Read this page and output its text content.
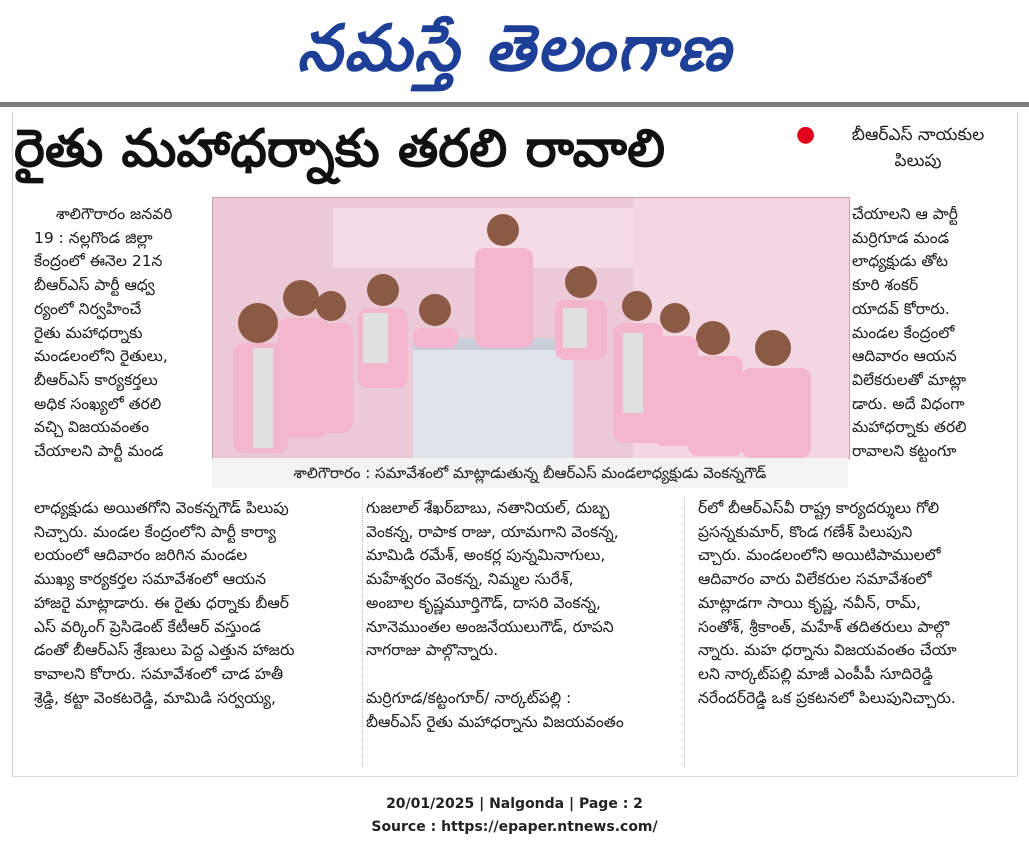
నమస్తే తెలంగాణ
రైతు మహాధర్నాకు తరలి రావాలి	●	బీఆర్ఎస్ నాయకుల
పిలుపు
శాలిగౌరారం జనవరి
19 : నల్లగొండ జిల్లా
కేంద్రంలో ఈనెల 21న
బీఆర్ఎస్ పార్టీ ఆధ్వ
ర్యంలో నిర్వహించే
రైతు మహాధర్నాకు
మండలంలోని రైతులు,
బీఆర్ఎస్ కార్యకర్తలు
అధిక సంఖ్యలో తరలి
వచ్చి విజయవంతం
చేయాలని పార్టీ మండ
శాలిగౌరారం : సమావేశంలో మాట్లాడుతున్న బీఆర్ఎస్ మండలాధ్యక్షుడు వెంకన్నగౌడ్
చేయాలని ఆ పార్టీ
మర్రిగూడ మండ
లాధ్యక్షుడు తోట
కూరి శంకర్
యాదవ్ కోరారు.
మండల కేంద్రంలో
ఆదివారం ఆయన
విలేకరులతో మాట్లా
డారు. అదే విధంగా
మహాధర్నాకు తరలి
రావాలని కట్టంగూ
లాధ్యక్షుడు అయితగోని వెంకన్నగౌడ్ పిలుపు
నిచ్చారు. మండల కేంద్రంలోని పార్టీ కార్యా
లయంలో ఆదివారం జరిగిన మండల
ముఖ్య కార్యకర్తల సమావేశంలో ఆయన
హాజరై మాట్లాడారు. ఈ రైతు ధర్నాకు బీఆర్
ఎస్ వర్కింగ్ ప్రెసిడెంట్ కేటీఆర్ వస్తుండ
డంతో బీఆర్ఎస్ శ్రేణులు పెద్ద ఎత్తున హాజరు
కావాలని కోరారు. సమావేశంలో చాడ హతీ
శ్రెడ్డి, కట్టా వెంకటరెడ్డి, మామిడి సర్వయ్య,
గుజలాల్ శేఖర్‌బాబు, నతానియల్, దుబ్బ
వెంకన్న, రాపాక రాజు, యామగాని వెంకన్న,
మామిడి రమేశ్, అంకర్ల పున్నమినాగులు,
మహేశ్వరం వెంకన్న, నిమ్మల సురేశ్,
అంబాల కృష్ణమూర్తిగౌడ్, దాసరి వెంకన్న,
నూనెముంతల అంజనేయులుగౌడ్, రూపని
నాగరాజు పాల్గొన్నారు.
మర్రిగూడ/కట్టంగూర్/ నార్కట్‌పల్లి :
బీఆర్ఎస్ రైతు మహాధర్నాను విజయవంతం
ర్‌లో బీఆర్ఎస్‌వీ రాష్ట్ర కార్యదర్శులు గోలి
ప్రసన్నకుమార్, కొండ గణేశ్ పిలుపుని
చ్చారు. మండలంలోని అయిటిపాములలో
ఆదివారం వారు విలేకరుల సమావేశంలో
మాట్లాడగా సాయి కృష్ణ, నవీన్, రామ్,
సంతోశ్, శ్రీకాంత్, మహేశ్ తదితరులు పాల్గొ
న్నారు. మహ ధర్నాను విజయవంతం చేయా
లని నార్కట్‌పల్లి మాజీ ఎంపీపీ సూదిరెడ్డి
నరేందర్‌రెడ్డి ఒక ప్రకటనలో పిలుపునిచ్చారు.
20/01/2025 | Nalgonda | Page : 2
Source : https://epaper.ntnews.com/
